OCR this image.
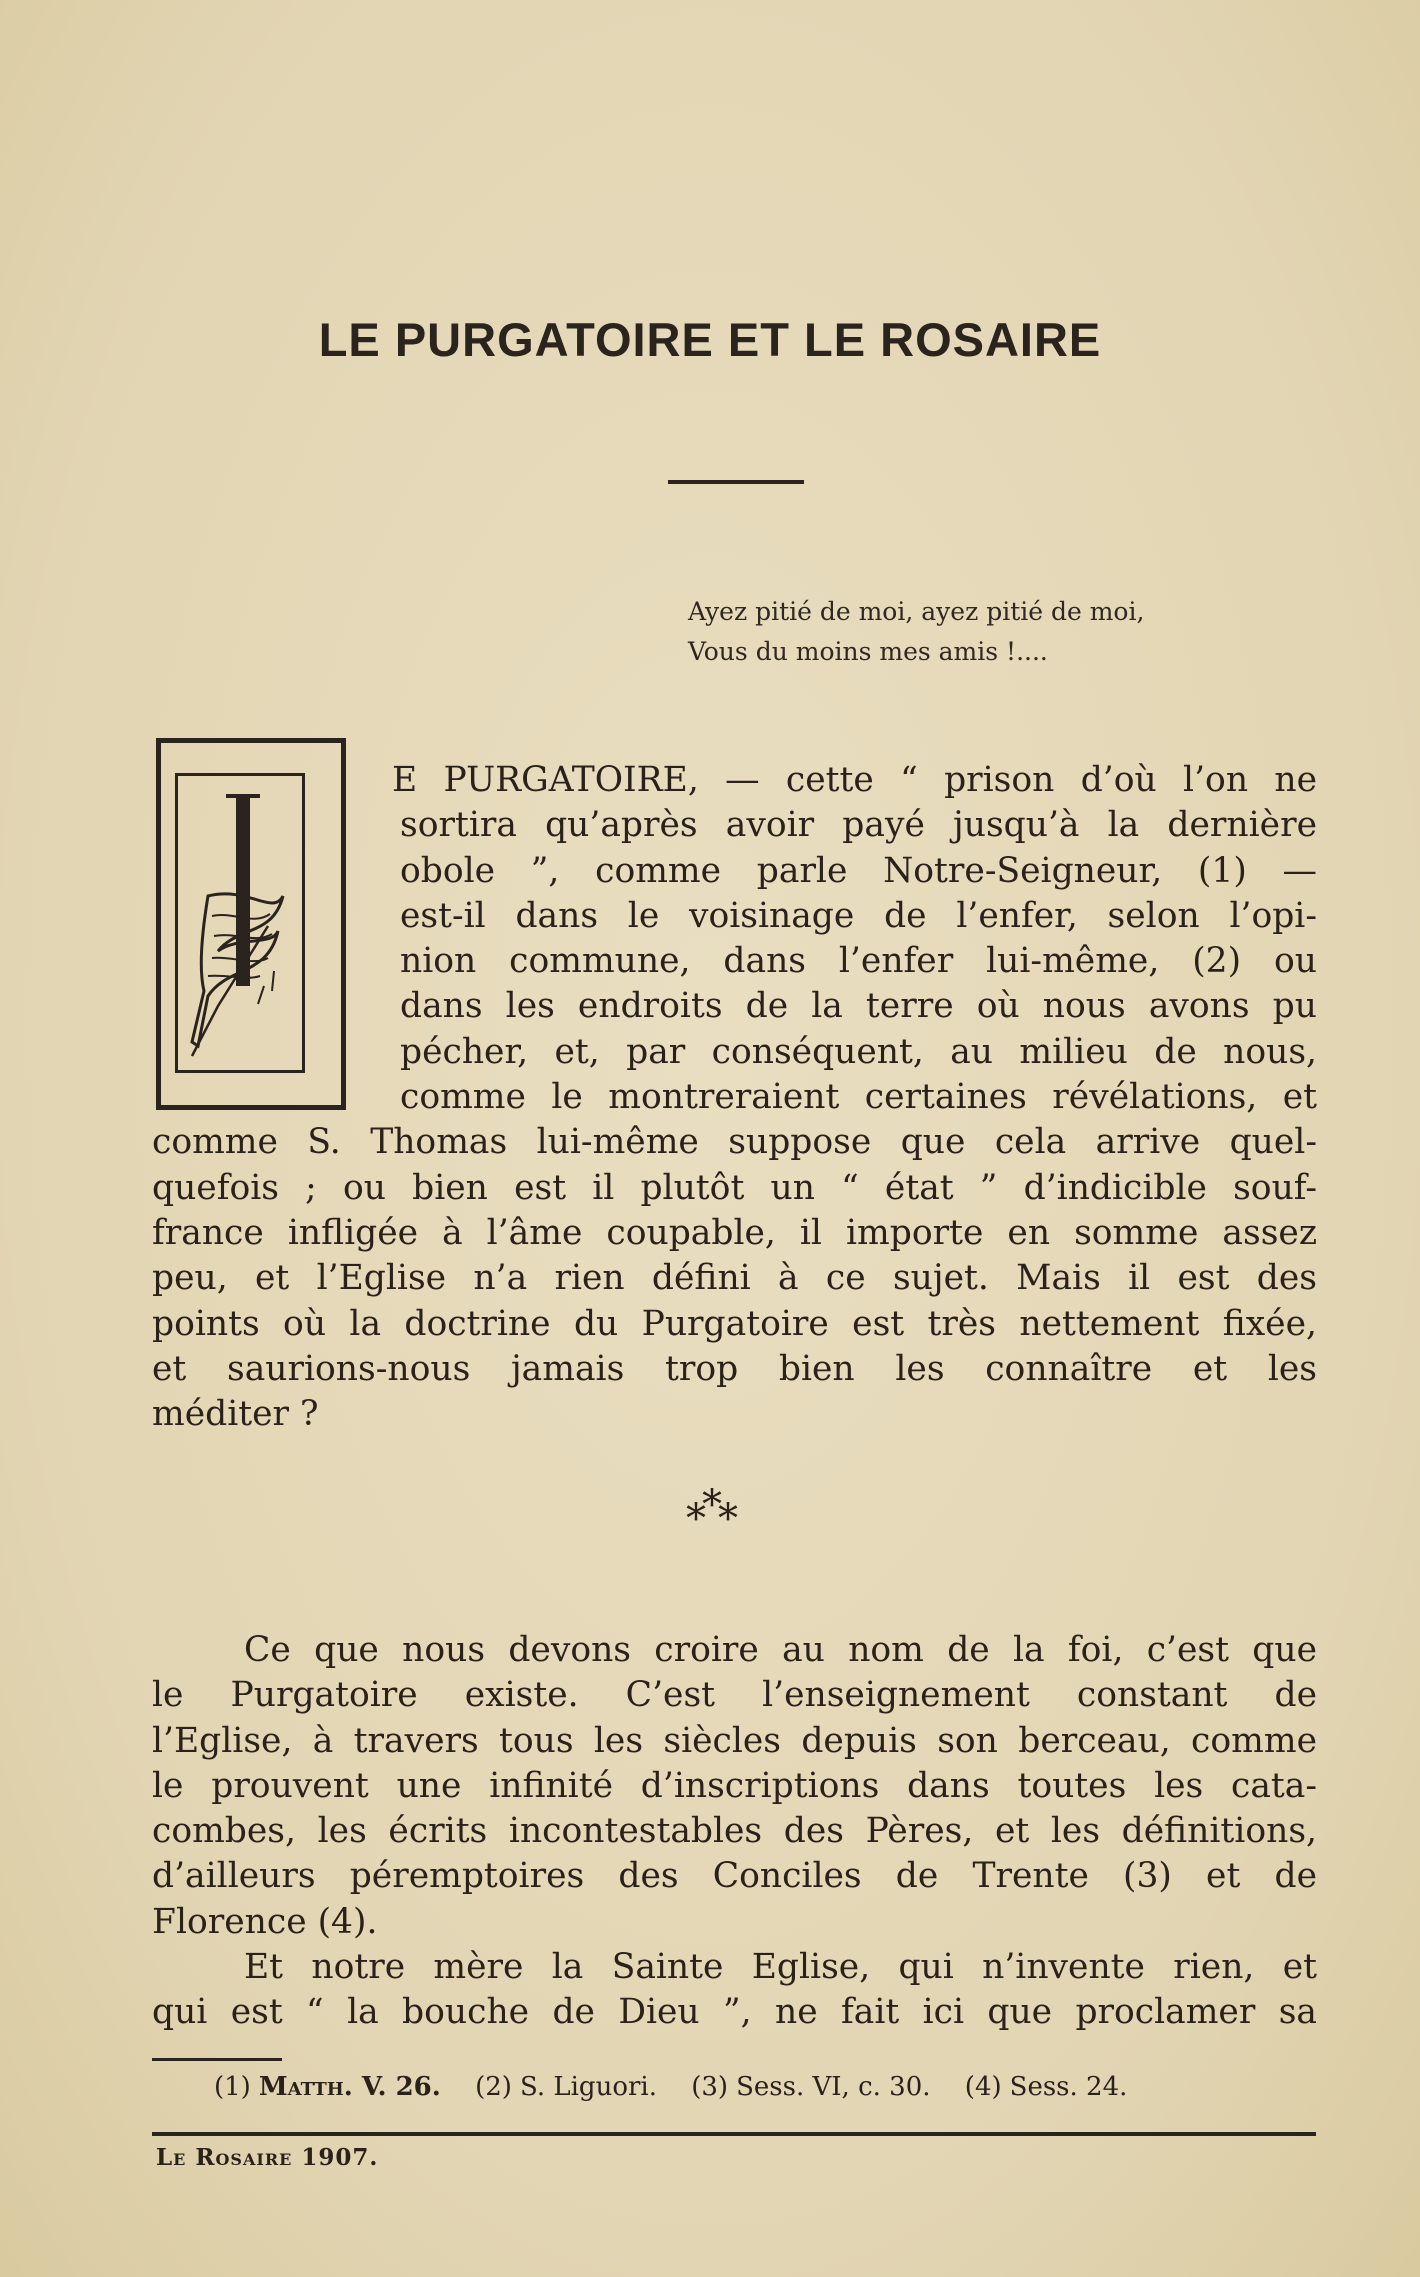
LE PURGATOIRE ET LE ROSAIRE
Ayez pitié de moi, ayez pitié de moi,
Vous du moins mes amis !....
E PURGATOIRE, — cette “ prison d’où l’on ne
sortira qu’après avoir payé jusqu’à la dernière
obole ”, comme parle Notre-Seigneur, (1) —
est-il dans le voisinage de l’enfer, selon l’opi-
nion commune, dans l’enfer lui-même, (2) ou
dans les endroits de la terre où nous avons pu
pécher, et, par conséquent, au milieu de nous,
comme le montreraient certaines révélations, et
comme S. Thomas lui-même suppose que cela arrive quel-
quefois ; ou bien est il plutôt un “ état ” d’indicible souf-
france infligée à l’âme coupable, il importe en somme assez
peu, et l’Eglise n’a rien défini à ce sujet. Mais il est des
points où la doctrine du Purgatoire est très nettement fixée,
et saurions-nous jamais trop bien les connaître et les
méditer ?
***
Ce que nous devons croire au nom de la foi, c’est que
le Purgatoire existe. C’est l’enseignement constant de
l’Eglise, à travers tous les siècles depuis son berceau, comme
le prouvent une infinité d’inscriptions dans toutes les cata-
combes, les écrits incontestables des Pères, et les définitions,
d’ailleurs péremptoires des Conciles de Trente (3) et de
Florence (4).
Et notre mère la Sainte Eglise, qui n’invente rien, et
qui est “ la bouche de Dieu ”, ne fait ici que proclamer sa
(1) Matth. V. 26. (2) S. Liguori. (3) Sess. VI, c. 30. (4) Sess. 24.
Le Rosaire 1907.
